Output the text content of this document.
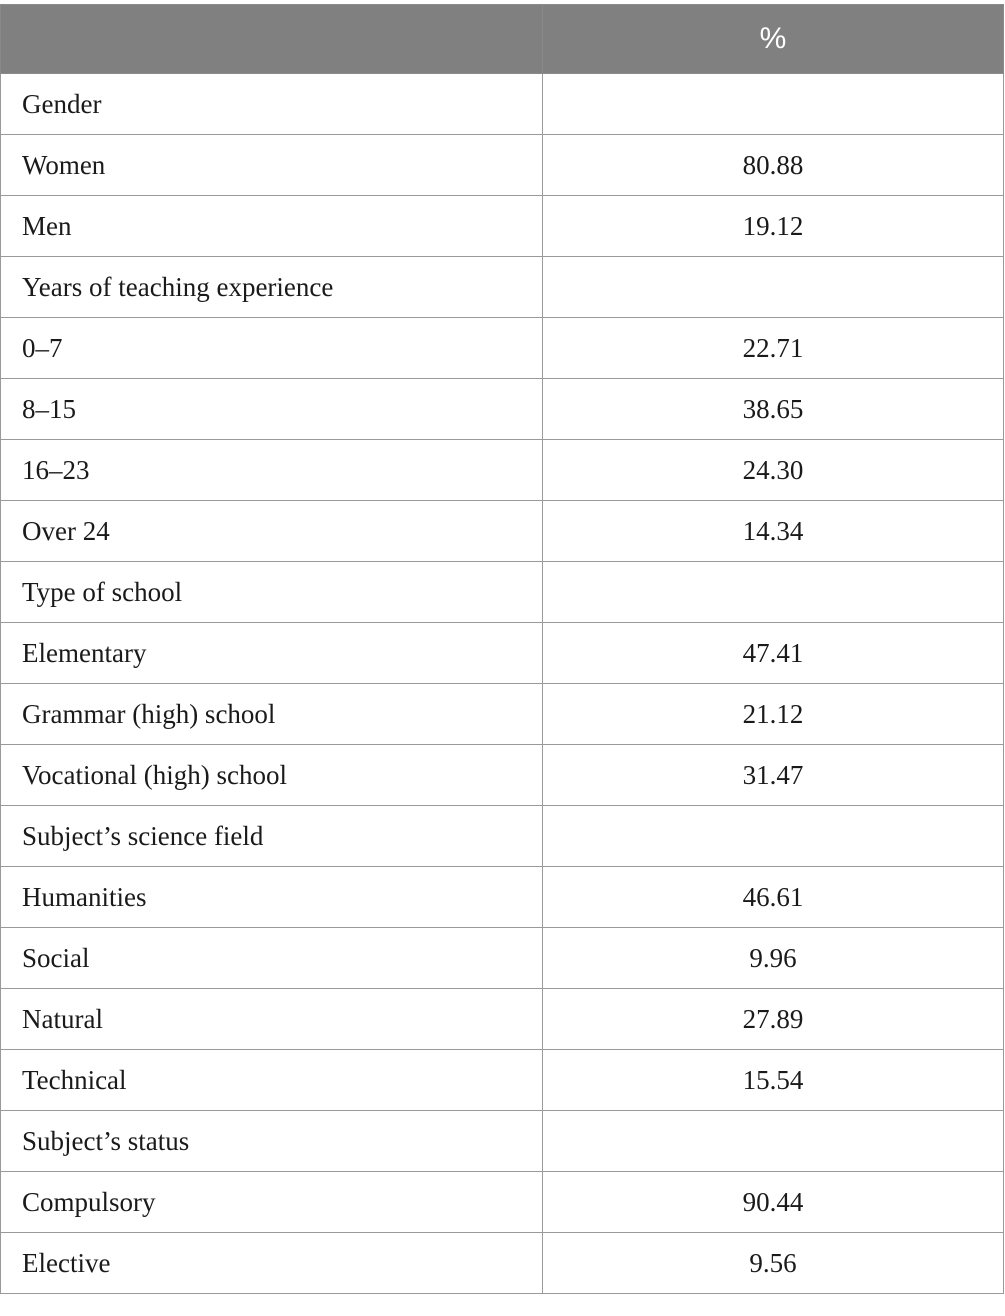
	%
Gender	
Women	80.88
Men	19.12
Years of teaching experience	
0–7	22.71
8–15	38.65
16–23	24.30
Over 24	14.34
Type of school	
Elementary	47.41
Grammar (high) school	21.12
Vocational (high) school	31.47
Subject’s science field	
Humanities	46.61
Social	9.96
Natural	27.89
Technical	15.54
Subject’s status	
Compulsory	90.44
Elective	9.56
